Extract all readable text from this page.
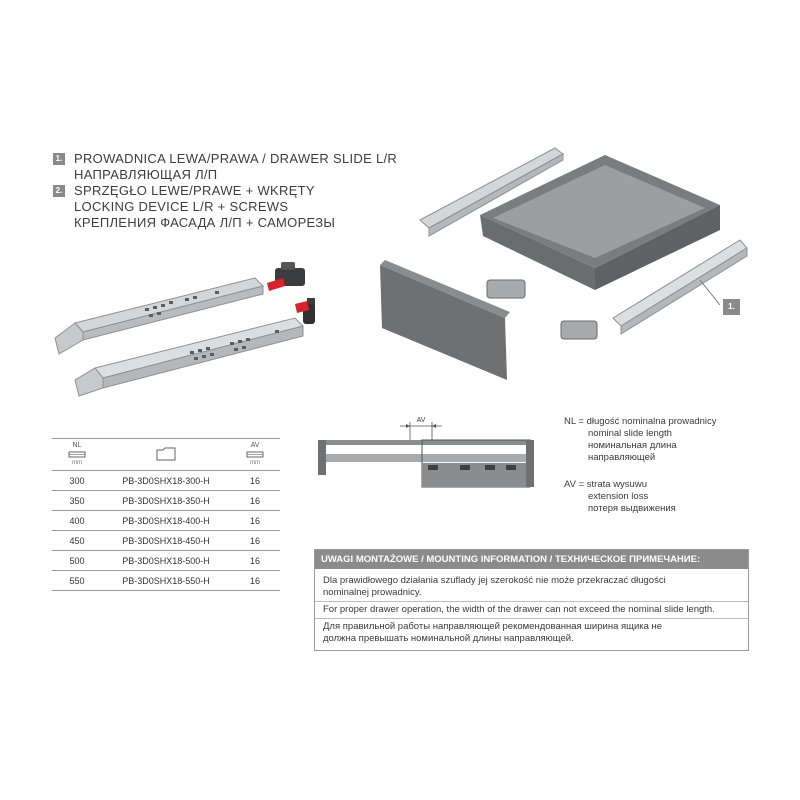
1. PROWADNICA LEWA/PRAWA / DRAWER SLIDE L/R
НАПРАВЛЯЮЩАЯ Л/П
2. SPRZĘGŁO LEWE/PRAWE + WKRĘTY
LOCKING DEVICE L/R + SCREWS
КРЕПЛЕНИЯ ФАСАДА Л/П + САМОРЕЗЫ
1.
NL
mm		AV
mm

300	PB-3D0SHX18-300-H	16
350	PB-3D0SHX18-350-H	16
400	PB-3D0SHX18-400-H	16
450	PB-3D0SHX18-450-H	16
500	PB-3D0SHX18-500-H	16
550	PB-3D0SHX18-550-H	16
AV	NL = długość nominalna prowadnicy
nominal slide length
номинальная длина
направляющей
AV = strata wysuwu
extension loss
потеря выдвижения
UWAGI MONTAŻOWE / MOUNTING INFORMATION / ТЕХНИЧЕСКОЕ ПРИМЕЧАНИЕ:
Dla prawidłowego działania szuflady jej szerokość nie może przekraczać długości
nominalnej prowadnicy.
For proper drawer operation, the width of the drawer can not exceed the nominal slide length.
Для правильной работы направляющей рекомендованная ширина ящика не
должна превышать номинальной длины направляющей.
